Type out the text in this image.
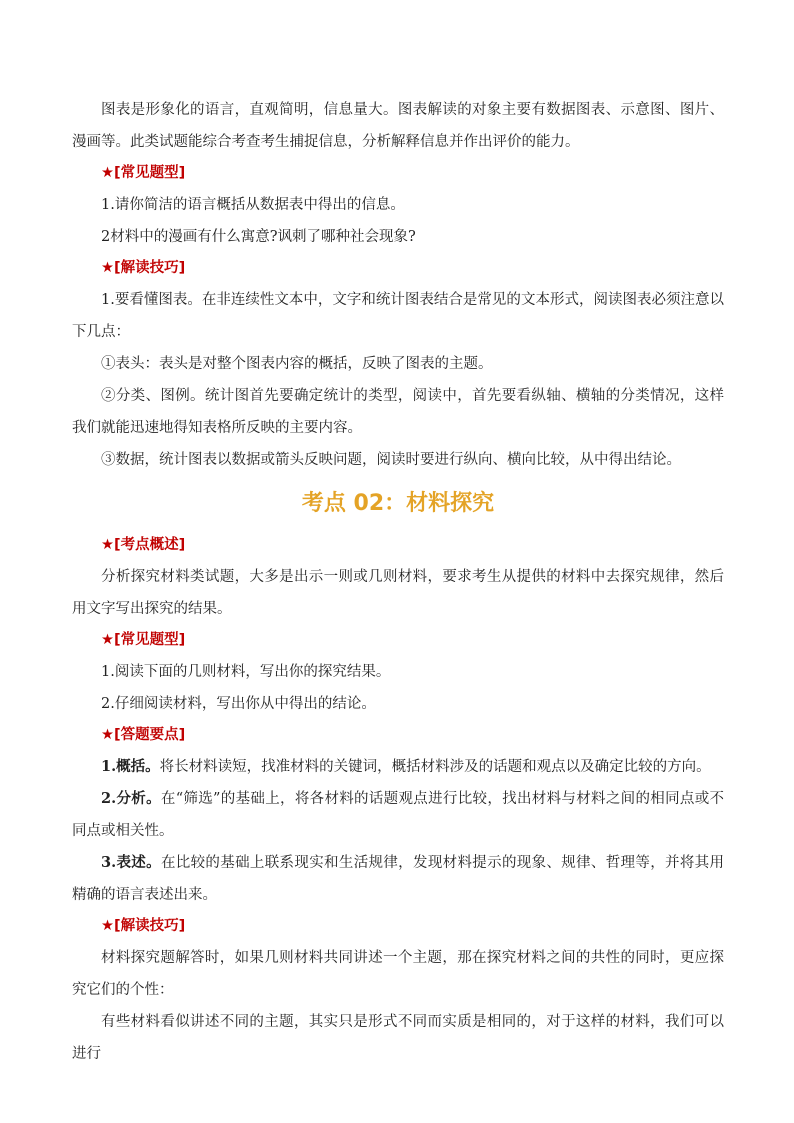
图表是形象化的语言，直观简明，信息量大。图表解读的对象主要有数据图表、示意图、图片、漫画等。此类试题能综合考查考生捕捉信息，分析解释信息并作出评价的能力。

★[常见题型]

1.请你简洁的语言概括从数据表中得出的信息。

2材料中的漫画有什么寓意?讽刺了哪种社会现象?

★[解读技巧]

1.要看懂图表。在非连续性文本中，文字和统计图表结合是常见的文本形式，阅读图表必须注意以下几点：

①表头：表头是对整个图表内容的概括，反映了图表的主题。

②分类、图例。统计图首先要确定统计的类型，阅读中，首先要看纵轴、横轴的分类情况，这样我们就能迅速地得知表格所反映的主要内容。

③数据，统计图表以数据或箭头反映问题，阅读时要进行纵向、横向比较，从中得出结论。

考点 02：材料探究
★[考点概述]

分析探究材料类试题，大多是出示一则或几则材料，要求考生从提供的材料中去探究规律，然后用文字写出探究的结果。

★[常见题型]

1.阅读下面的几则材料，写出你的探究结果。

2.仔细阅读材料，写出你从中得出的结论。

★[答题要点]

1.概括。将长材料读短，找准材料的关键词，概括材料涉及的话题和观点以及确定比较的方向。

2.分析。在“筛选”的基础上，将各材料的话题观点进行比较，找出材料与材料之间的相同点或不同点或相关性。

3.表述。在比较的基础上联系现实和生活规律，发现材料提示的现象、规律、哲理等，并将其用精确的语言表述出来。

★[解读技巧]

材料探究题解答时，如果几则材料共同讲述一个主题，那在探究材料之间的共性的同时，更应探究它们的个性：

有些材料看似讲述不同的主题，其实只是形式不同而实质是相同的，对于这样的材料，我们可以进行
